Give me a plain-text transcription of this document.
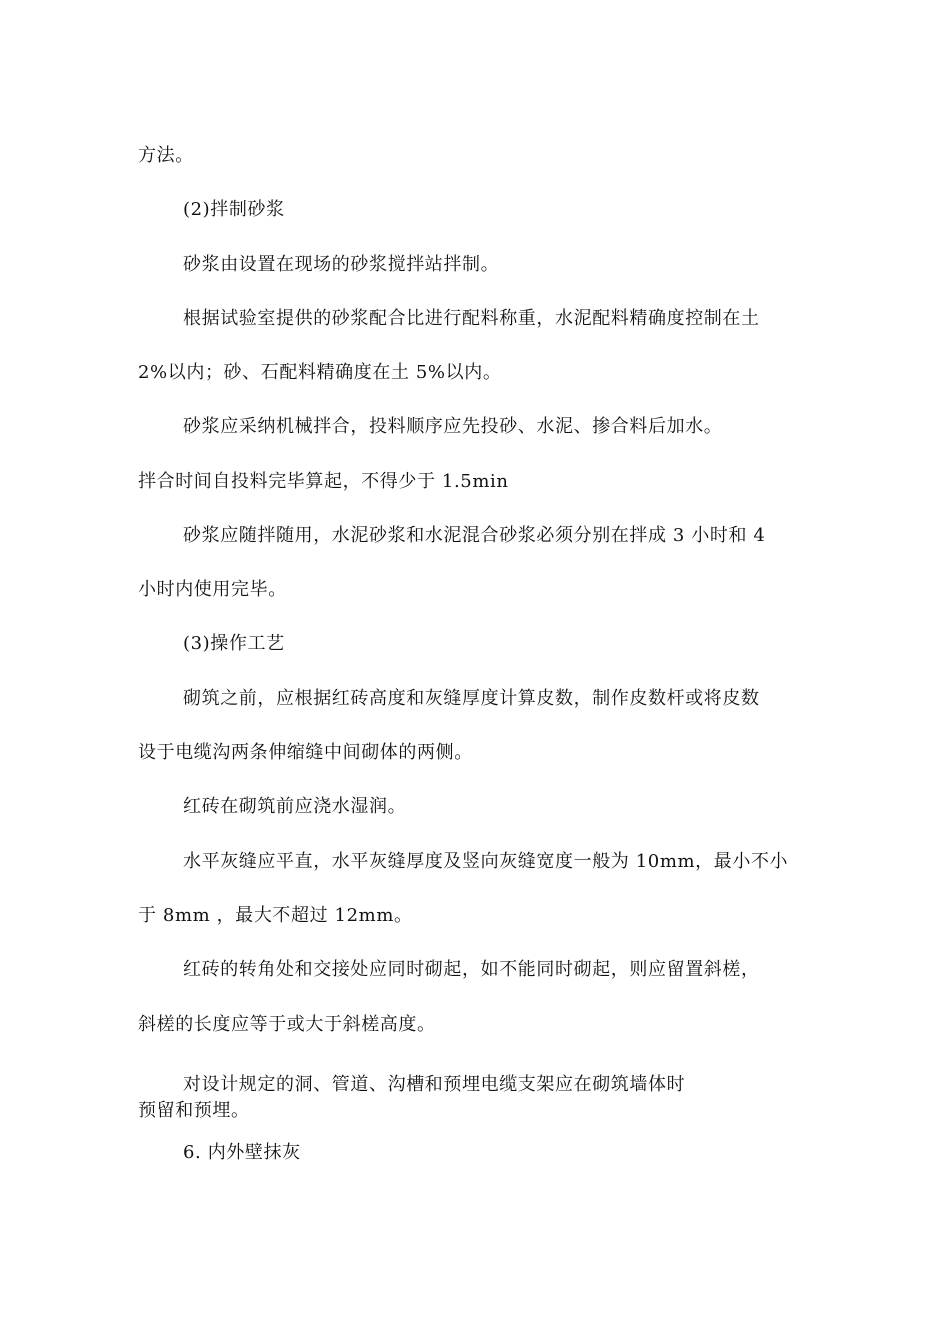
方法。
(2)拌制砂浆
砂浆由设置在现场的砂浆搅拌站拌制。
根据试验室提供的砂浆配合比进行配料称重，水泥配料精确度控制在土
2%以内；砂、石配料精确度在土 5%以内。
砂浆应采纳机械拌合，投料顺序应先投砂、水泥、掺合料后加水。
拌合时间自投料完毕算起，不得少于 1.5min
砂浆应随拌随用，水泥砂浆和水泥混合砂浆必须分别在拌成 3 小时和 4
小时内使用完毕。
(3)操作工艺
砌筑之前，应根据红砖高度和灰缝厚度计算皮数，制作皮数杆或将皮数
设于电缆沟两条伸缩缝中间砌体的两侧。
红砖在砌筑前应浇水湿润。
水平灰缝应平直，水平灰缝厚度及竖向灰缝宽度一般为 10mm，最小不小
于 8mm ，最大不超过 12mm。
红砖的转角处和交接处应同时砌起，如不能同时砌起，则应留置斜槎，
斜槎的长度应等于或大于斜槎高度。
对设计规定的洞、管道、沟槽和预埋电缆支架应在砌筑墙体时
预留和预埋。
6. 内外壁抹灰
